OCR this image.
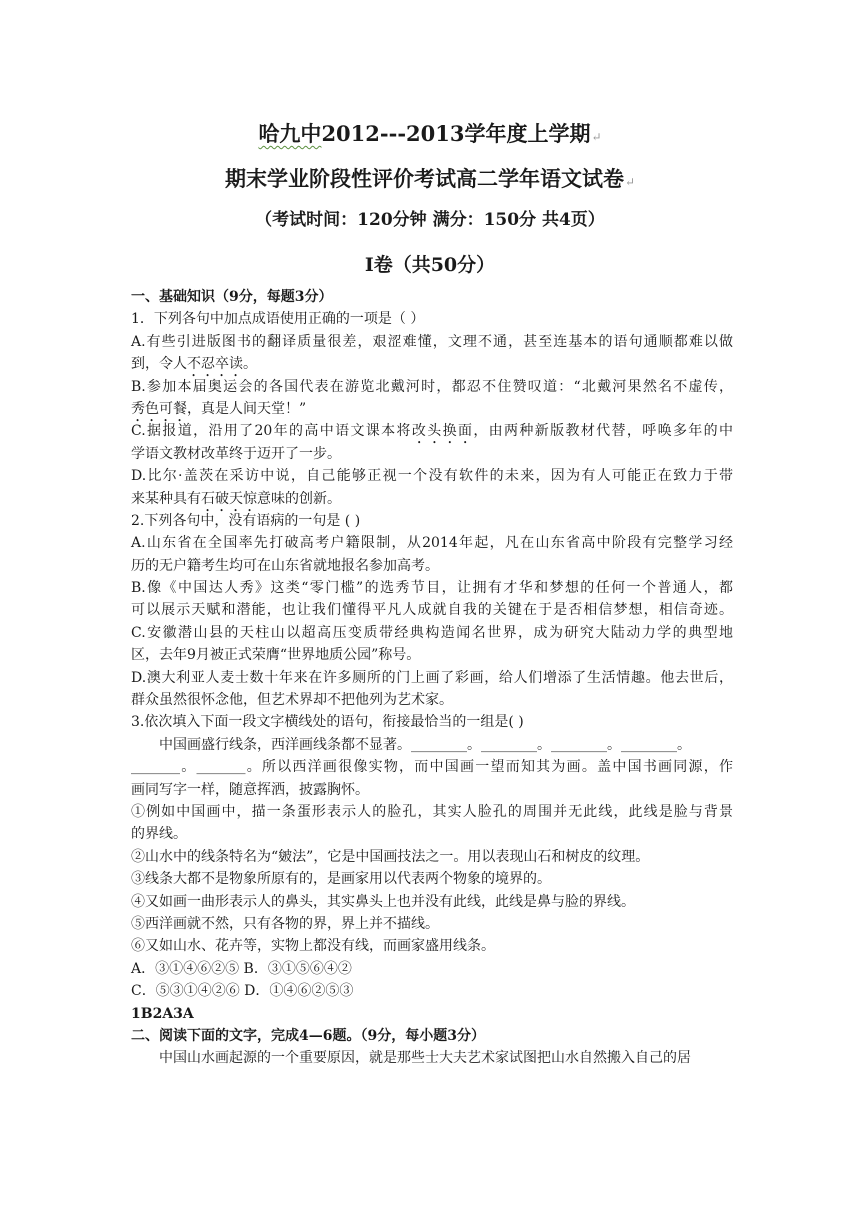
哈九中2012---2013学年度上学期↵
期末学业阶段性评价考试高二学年语文试卷↵
（考试时间：120分钟 满分：150分 共4页）
I卷（共50分）
一、基础知识（9分，每题3分）
1．下列各句中加点成语使用正确的一项是（ ）
A.有些引进版图书的翻译质量很差，艰涩难懂，文理不通，甚至连基本的语句通顺都难以做
到，令人不忍卒读。
B.参加本届奥运会的各国代表在游览北戴河时，都忍不住赞叹道：“北戴河果然名不虚传，
秀色可餐，真是人间天堂！”
C.据报道，沿用了20年的高中语文课本将改头换面，由两种新版教材代替，呼唤多年的中
学语文教材改革终于迈开了一步。
D.比尔·盖茨在采访中说，自己能够正视一个没有软件的未来，因为有人可能正在致力于带
来某种具有石破天惊意味的创新。
2.下列各句中，没有语病的一句是 ( )
A.山东省在全国率先打破高考户籍限制，从2014年起，凡在山东省高中阶段有完整学习经
历的无户籍考生均可在山东省就地报名参加高考。
B.像《中国达人秀》这类“零门槛”的选秀节目，让拥有才华和梦想的任何一个普通人，都
可以展示天赋和潜能，也让我们懂得平凡人成就自我的关键在于是否相信梦想，相信奇迹。
C.安徽潜山县的天柱山以超高压变质带经典构造闻名世界，成为研究大陆动力学的典型地
区，去年9月被正式荣膺“世界地质公园”称号。
D.澳大利亚人麦士数十年来在许多厕所的门上画了彩画，给人们增添了生活情趣。他去世后，
群众虽然很怀念他，但艺术界却不把他列为艺术家。
3.依次填入下面一段文字横线处的语句，衔接最恰当的一组是( )
中国画盛行线条，西洋画线条都不显著。________。________。________。________。
_______。_______。所以西洋画很像实物，而中国画一望而知其为画。盖中国书画同源，作
画同写字一样，随意挥洒，披露胸怀。
①例如中国画中，描一条蛋形表示人的脸孔，其实人脸孔的周围并无此线，此线是脸与背景
的界线。
②山水中的线条特名为“皴法”，它是中国画技法之一。用以表现山石和树皮的纹理。
③线条大都不是物象所原有的，是画家用以代表两个物象的境界的。
④又如画一曲形表示人的鼻头，其实鼻头上也并没有此线，此线是鼻与脸的界线。
⑤西洋画就不然，只有各物的界，界上并不描线。
⑥又如山水、花卉等，实物上都没有线，而画家盛用线条。
A．③①④⑥②⑤ B．③①⑤⑥④②
C．⑤③①④②⑥ D．①④⑥②⑤③
1B2A3A
二、阅读下面的文字，完成4—6题。（9分，每小题3分）
中国山水画起源的一个重要原因，就是那些士大夫艺术家试图把山水自然搬入自己的居
